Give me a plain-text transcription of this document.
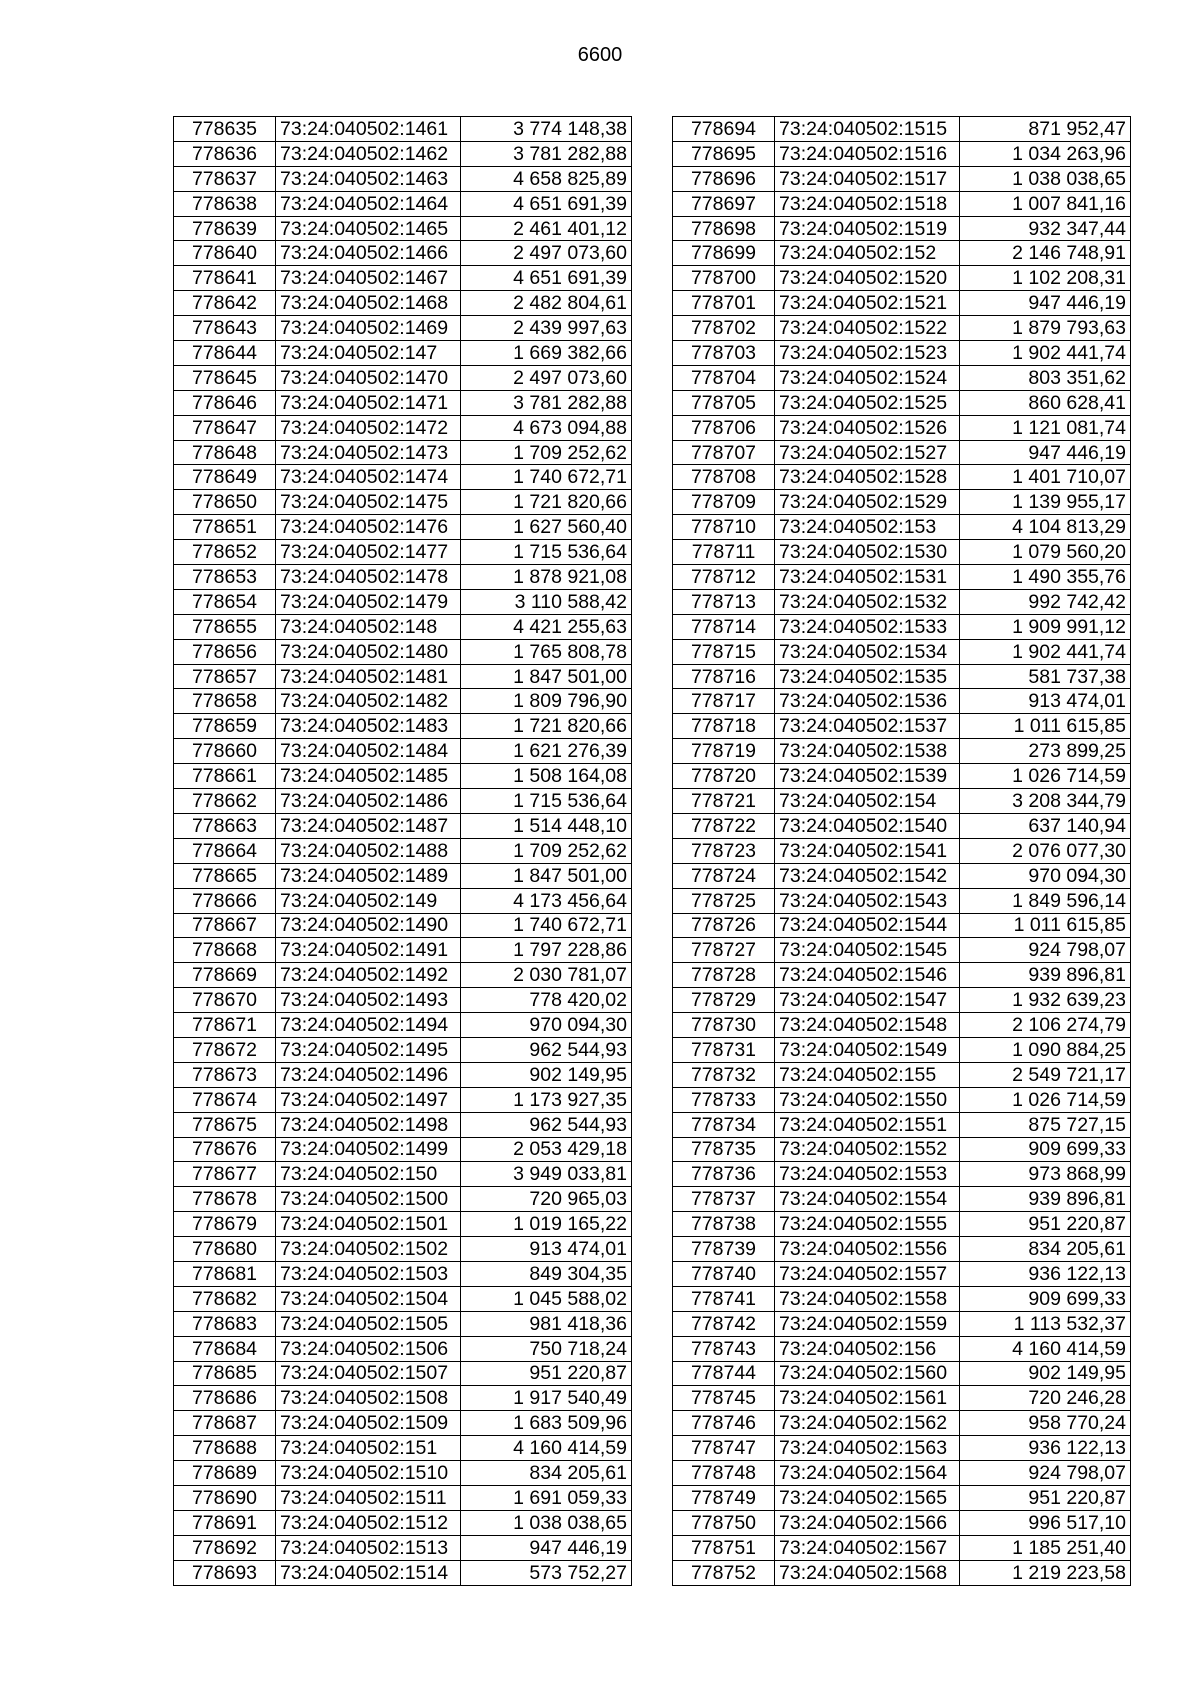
6600
778635	73:24:040502:1461	3 774 148,38
778636	73:24:040502:1462	3 781 282,88
778637	73:24:040502:1463	4 658 825,89
778638	73:24:040502:1464	4 651 691,39
778639	73:24:040502:1465	2 461 401,12
778640	73:24:040502:1466	2 497 073,60
778641	73:24:040502:1467	4 651 691,39
778642	73:24:040502:1468	2 482 804,61
778643	73:24:040502:1469	2 439 997,63
778644	73:24:040502:147	1 669 382,66
778645	73:24:040502:1470	2 497 073,60
778646	73:24:040502:1471	3 781 282,88
778647	73:24:040502:1472	4 673 094,88
778648	73:24:040502:1473	1 709 252,62
778649	73:24:040502:1474	1 740 672,71
778650	73:24:040502:1475	1 721 820,66
778651	73:24:040502:1476	1 627 560,40
778652	73:24:040502:1477	1 715 536,64
778653	73:24:040502:1478	1 878 921,08
778654	73:24:040502:1479	3 110 588,42
778655	73:24:040502:148	4 421 255,63
778656	73:24:040502:1480	1 765 808,78
778657	73:24:040502:1481	1 847 501,00
778658	73:24:040502:1482	1 809 796,90
778659	73:24:040502:1483	1 721 820,66
778660	73:24:040502:1484	1 621 276,39
778661	73:24:040502:1485	1 508 164,08
778662	73:24:040502:1486	1 715 536,64
778663	73:24:040502:1487	1 514 448,10
778664	73:24:040502:1488	1 709 252,62
778665	73:24:040502:1489	1 847 501,00
778666	73:24:040502:149	4 173 456,64
778667	73:24:040502:1490	1 740 672,71
778668	73:24:040502:1491	1 797 228,86
778669	73:24:040502:1492	2 030 781,07
778670	73:24:040502:1493	778 420,02
778671	73:24:040502:1494	970 094,30
778672	73:24:040502:1495	962 544,93
778673	73:24:040502:1496	902 149,95
778674	73:24:040502:1497	1 173 927,35
778675	73:24:040502:1498	962 544,93
778676	73:24:040502:1499	2 053 429,18
778677	73:24:040502:150	3 949 033,81
778678	73:24:040502:1500	720 965,03
778679	73:24:040502:1501	1 019 165,22
778680	73:24:040502:1502	913 474,01
778681	73:24:040502:1503	849 304,35
778682	73:24:040502:1504	1 045 588,02
778683	73:24:040502:1505	981 418,36
778684	73:24:040502:1506	750 718,24
778685	73:24:040502:1507	951 220,87
778686	73:24:040502:1508	1 917 540,49
778687	73:24:040502:1509	1 683 509,96
778688	73:24:040502:151	4 160 414,59
778689	73:24:040502:1510	834 205,61
778690	73:24:040502:1511	1 691 059,33
778691	73:24:040502:1512	1 038 038,65
778692	73:24:040502:1513	947 446,19
778693	73:24:040502:1514	573 752,27
778694	73:24:040502:1515	871 952,47
778695	73:24:040502:1516	1 034 263,96
778696	73:24:040502:1517	1 038 038,65
778697	73:24:040502:1518	1 007 841,16
778698	73:24:040502:1519	932 347,44
778699	73:24:040502:152	2 146 748,91
778700	73:24:040502:1520	1 102 208,31
778701	73:24:040502:1521	947 446,19
778702	73:24:040502:1522	1 879 793,63
778703	73:24:040502:1523	1 902 441,74
778704	73:24:040502:1524	803 351,62
778705	73:24:040502:1525	860 628,41
778706	73:24:040502:1526	1 121 081,74
778707	73:24:040502:1527	947 446,19
778708	73:24:040502:1528	1 401 710,07
778709	73:24:040502:1529	1 139 955,17
778710	73:24:040502:153	4 104 813,29
778711	73:24:040502:1530	1 079 560,20
778712	73:24:040502:1531	1 490 355,76
778713	73:24:040502:1532	992 742,42
778714	73:24:040502:1533	1 909 991,12
778715	73:24:040502:1534	1 902 441,74
778716	73:24:040502:1535	581 737,38
778717	73:24:040502:1536	913 474,01
778718	73:24:040502:1537	1 011 615,85
778719	73:24:040502:1538	273 899,25
778720	73:24:040502:1539	1 026 714,59
778721	73:24:040502:154	3 208 344,79
778722	73:24:040502:1540	637 140,94
778723	73:24:040502:1541	2 076 077,30
778724	73:24:040502:1542	970 094,30
778725	73:24:040502:1543	1 849 596,14
778726	73:24:040502:1544	1 011 615,85
778727	73:24:040502:1545	924 798,07
778728	73:24:040502:1546	939 896,81
778729	73:24:040502:1547	1 932 639,23
778730	73:24:040502:1548	2 106 274,79
778731	73:24:040502:1549	1 090 884,25
778732	73:24:040502:155	2 549 721,17
778733	73:24:040502:1550	1 026 714,59
778734	73:24:040502:1551	875 727,15
778735	73:24:040502:1552	909 699,33
778736	73:24:040502:1553	973 868,99
778737	73:24:040502:1554	939 896,81
778738	73:24:040502:1555	951 220,87
778739	73:24:040502:1556	834 205,61
778740	73:24:040502:1557	936 122,13
778741	73:24:040502:1558	909 699,33
778742	73:24:040502:1559	1 113 532,37
778743	73:24:040502:156	4 160 414,59
778744	73:24:040502:1560	902 149,95
778745	73:24:040502:1561	720 246,28
778746	73:24:040502:1562	958 770,24
778747	73:24:040502:1563	936 122,13
778748	73:24:040502:1564	924 798,07
778749	73:24:040502:1565	951 220,87
778750	73:24:040502:1566	996 517,10
778751	73:24:040502:1567	1 185 251,40
778752	73:24:040502:1568	1 219 223,58
